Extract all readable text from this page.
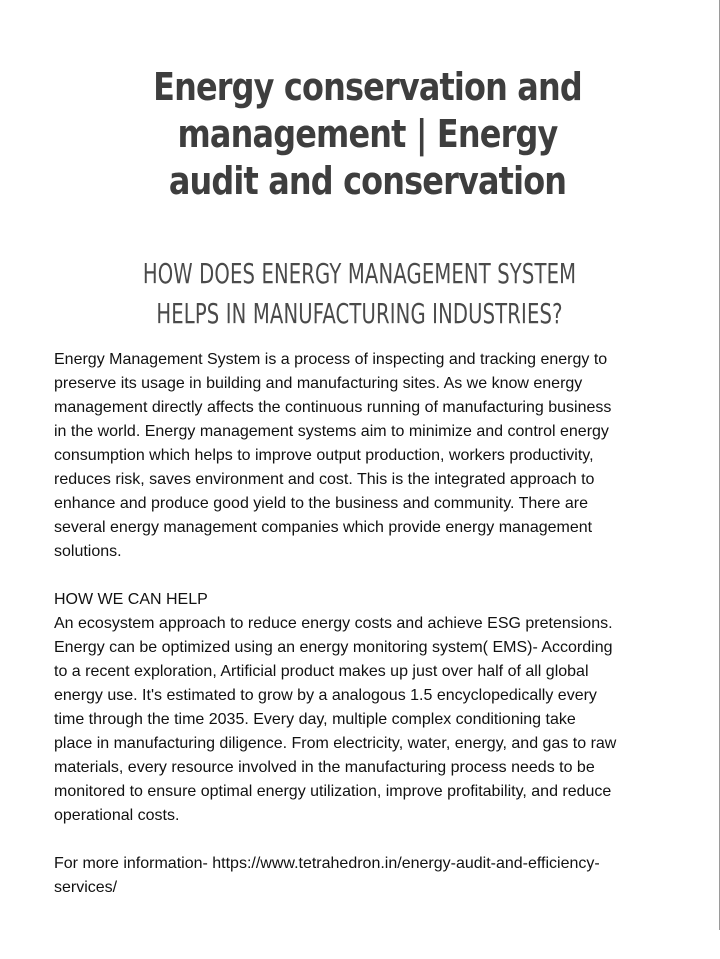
Energy conservation and
management | Energy
audit and conservation
HOW DOES ENERGY MANAGEMENT SYSTEM
HELPS IN MANUFACTURING INDUSTRIES?

Energy Management System is a process of inspecting and tracking energy to
preserve its usage in building and manufacturing sites. As we know energy
management directly affects the continuous running of manufacturing business
in the world. Energy management systems aim to minimize and control energy
consumption which helps to improve output production, workers productivity,
reduces risk, saves environment and cost. This is the integrated approach to
enhance and produce good yield to the business and community. There are
several energy management companies which provide energy management
solutions.

HOW WE CAN HELP

An ecosystem approach to reduce energy costs and achieve ESG pretensions.
Energy can be optimized using an energy monitoring system( EMS)- According
to a recent exploration, Artificial product makes up just over half of all global
energy use. It's estimated to grow by a analogous 1.5 encyclopedically every
time through the time 2035. Every day, multiple complex conditioning take
place in manufacturing diligence. From electricity, water, energy, and gas to raw
materials, every resource involved in the manufacturing process needs to be
monitored to ensure optimal energy utilization, improve profitability, and reduce
operational costs.

For more information- https://www.tetrahedron.in/energy-audit-and-efficiency-
services/
